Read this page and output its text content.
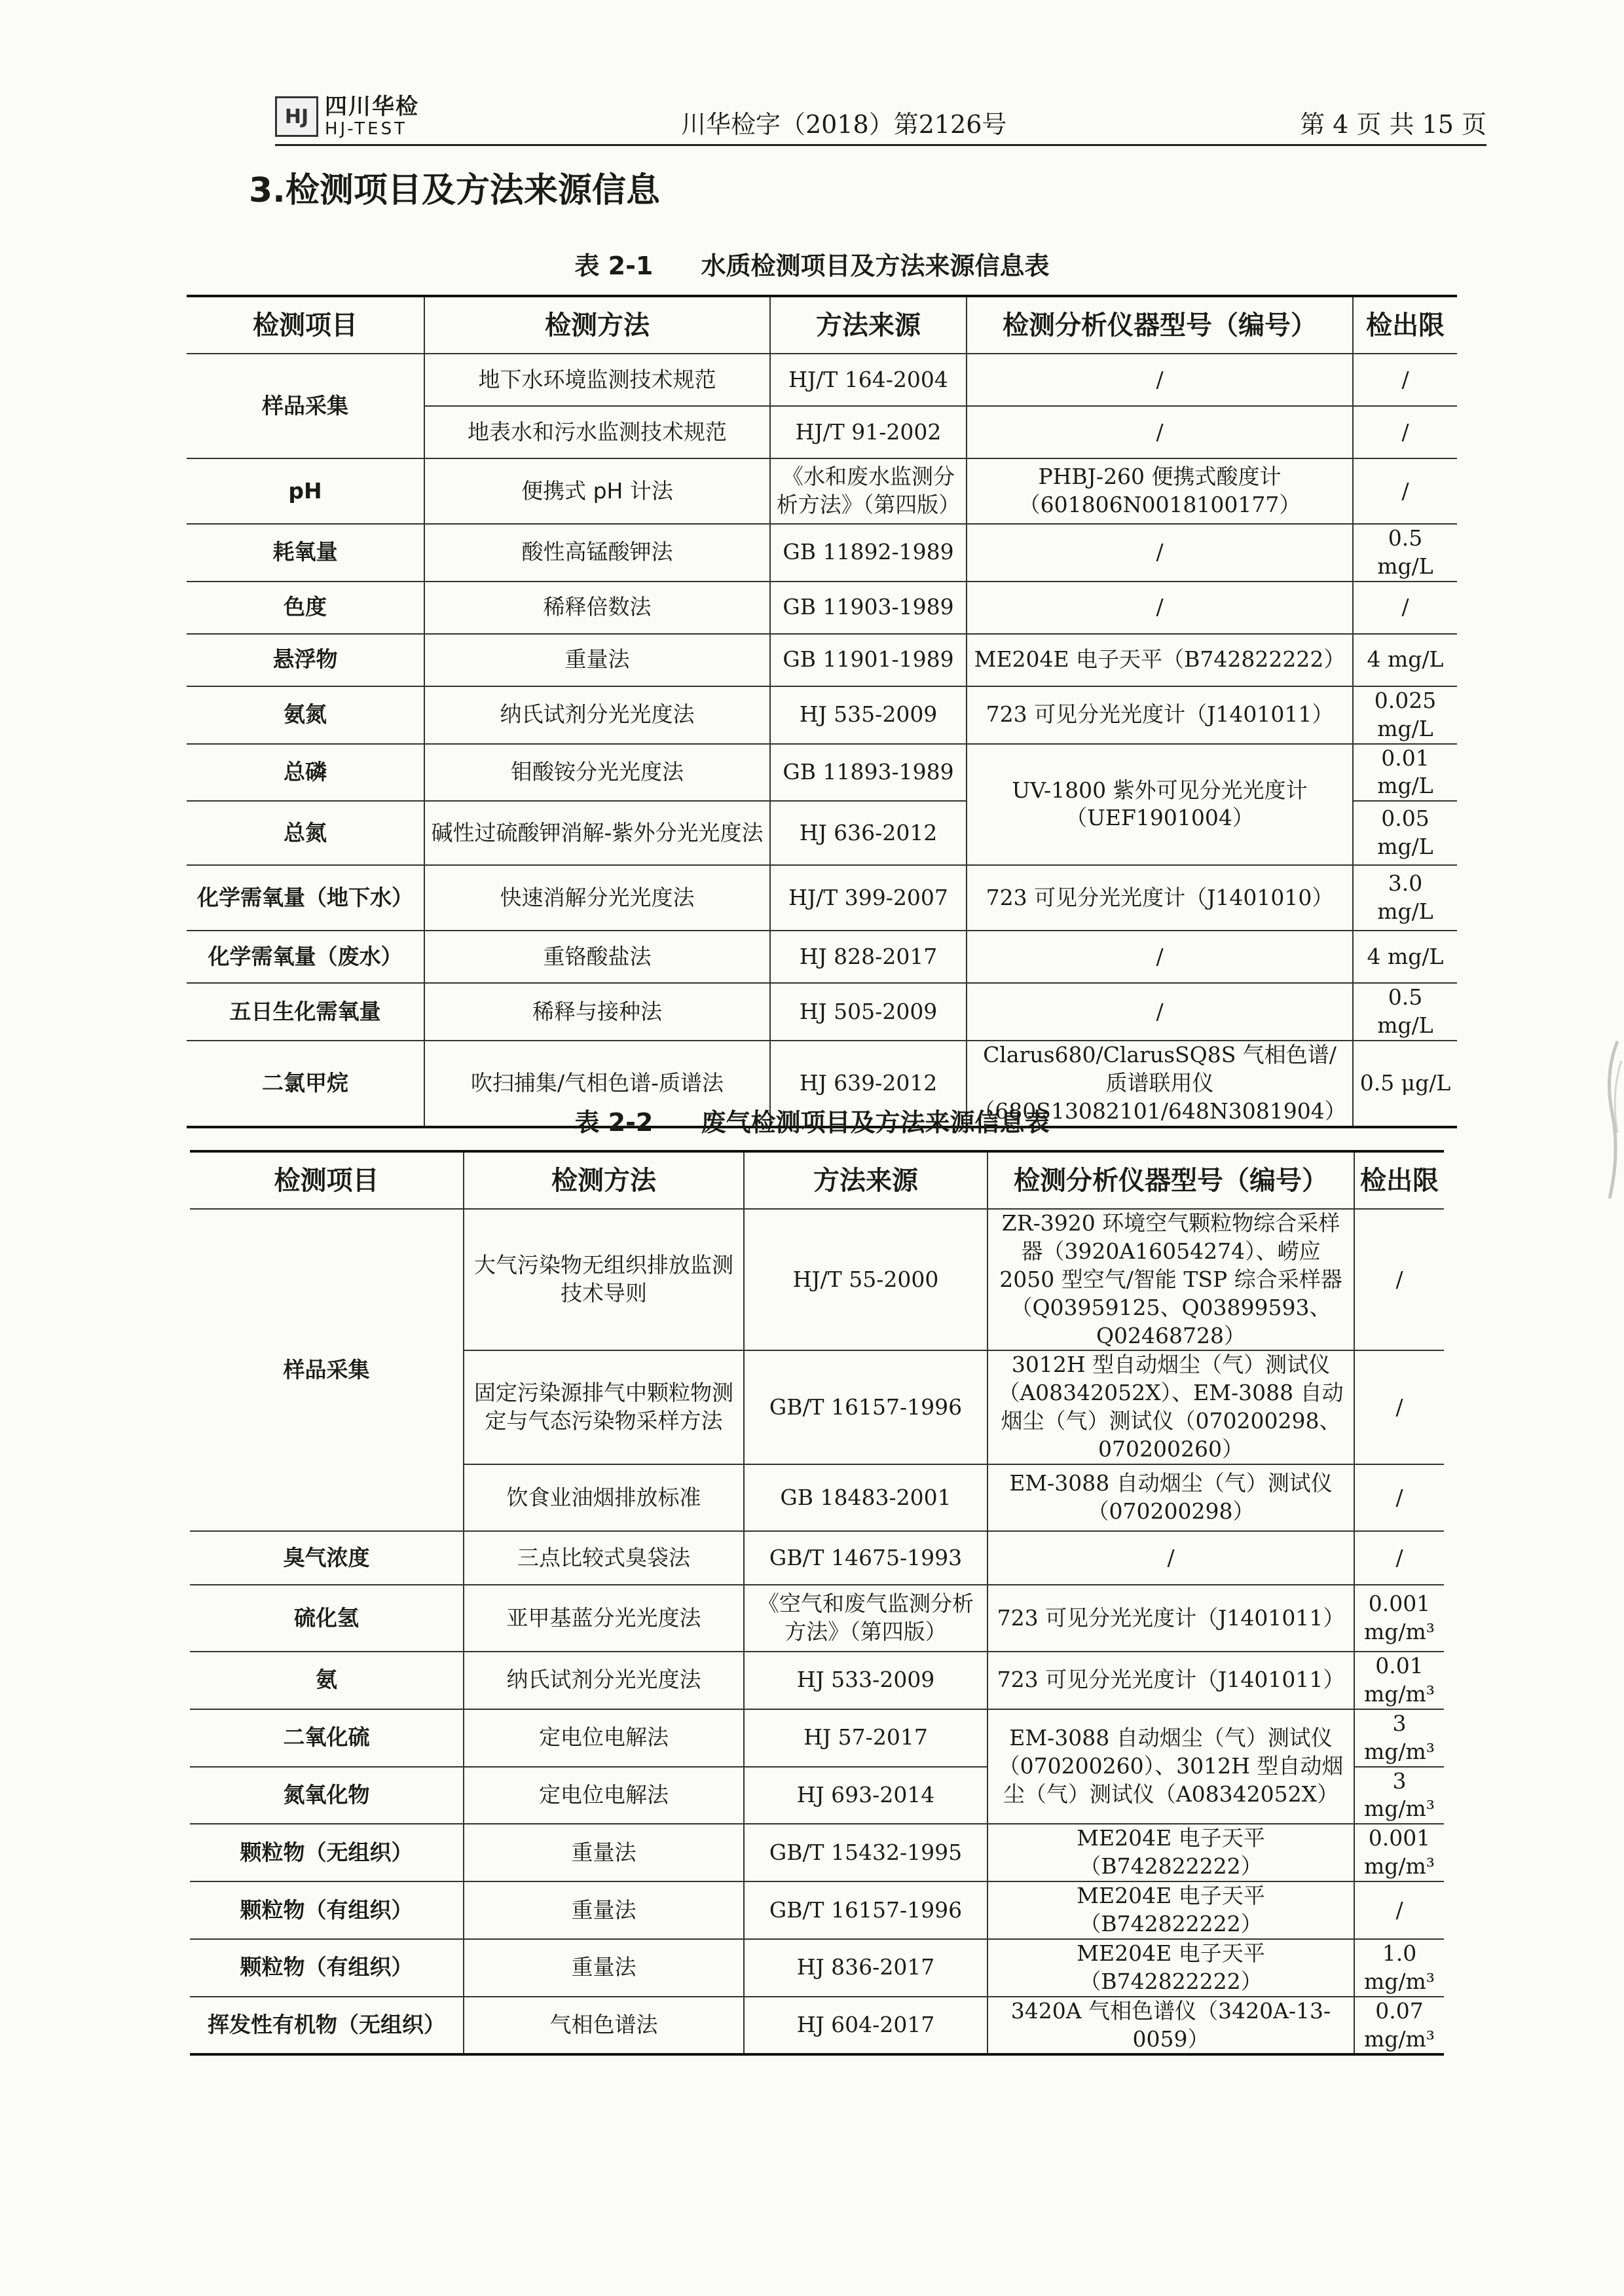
HJ 四川华检
HJ-TEST	川华检字（2018）第2126号	第 4 页 共 15 页
3.检测项目及方法来源信息
表 2-1 水质检测项目及方法来源信息表
检测项目	检测方法	方法来源	检测分析仪器型号（编号）	检出限
样品采集	地下水环境监测技术规范	HJ/T 164-2004	/	/
	地表水和污水监测技术规范	HJ/T 91-2002	/	/
pH	便携式 pH 计法	《水和废水监测分析方法》（第四版）	PHBJ-260 便携式酸度计（601806N0018100177）	/
耗氧量	酸性高锰酸钾法	GB 11892-1989	/	0.5 mg/L
色度	稀释倍数法	GB 11903-1989	/	/
悬浮物	重量法	GB 11901-1989	ME204E 电子天平（B742822222）	4 mg/L
氨氮	纳氏试剂分光光度法	HJ 535-2009	723 可见分光光度计（J1401011）	0.025 mg/L
总磷	钼酸铵分光光度法	GB 11893-1989	UV-1800 紫外可见分光光度计（UEF1901004）	0.01 mg/L
总氮	碱性过硫酸钾消解-紫外分光光度法	HJ 636-2012		0.05 mg/L
化学需氧量（地下水）	快速消解分光光度法	HJ/T 399-2007	723 可见分光光度计（J1401010）	3.0 mg/L
化学需氧量（废水）	重铬酸盐法	HJ 828-2017	/	4 mg/L
五日生化需氧量	稀释与接种法	HJ 505-2009	/	0.5 mg/L
二氯甲烷	吹扫捕集/气相色谱-质谱法	HJ 639-2012	Clarus680/ClarusSQ8S 气相色谱/质谱联用仪（680S13082101/648N3081904）	0.5 μg/L
表 2-2 废气检测项目及方法来源信息表
检测项目	检测方法	方法来源	检测分析仪器型号（编号）	检出限
样品采集	大气污染物无组织排放监测技术导则	HJ/T 55-2000	ZR-3920 环境空气颗粒物综合采样器（3920A16054274）、崂应 2050 型空气/智能 TSP 综合采样器（Q03959125、Q03899593、Q02468728）	/
	固定污染源排气中颗粒物测定与气态污染物采样方法	GB/T 16157-1996	3012H 型自动烟尘（气）测试仪（A08342052X）、EM-3088 自动烟尘（气）测试仪（070200298、070200260）	/
	饮食业油烟排放标准	GB 18483-2001	EM-3088 自动烟尘（气）测试仪（070200298）	/
臭气浓度	三点比较式臭袋法	GB/T 14675-1993	/	/
硫化氢	亚甲基蓝分光光度法	《空气和废气监测分析方法》（第四版）	723 可见分光光度计（J1401011）	0.001 mg/m³
氨	纳氏试剂分光光度法	HJ 533-2009	723 可见分光光度计（J1401011）	0.01 mg/m³
二氧化硫	定电位电解法	HJ 57-2017	EM-3088 自动烟尘（气）测试仪（070200260）、3012H 型自动烟尘（气）测试仪（A08342052X）	3 mg/m³
氮氧化物	定电位电解法	HJ 693-2014		3 mg/m³
颗粒物（无组织）	重量法	GB/T 15432-1995	ME204E 电子天平（B742822222）	0.001 mg/m³
颗粒物（有组织）	重量法	GB/T 16157-1996	ME204E 电子天平（B742822222）	/
颗粒物（有组织）	重量法	HJ 836-2017	ME204E 电子天平（B742822222）	1.0 mg/m³
挥发性有机物（无组织）	气相色谱法	HJ 604-2017	3420A 气相色谱仪（3420A-13-0059）	0.07 mg/m³
